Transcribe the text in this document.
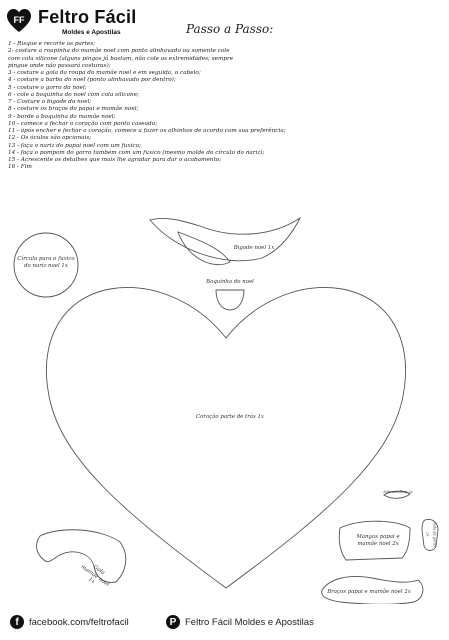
FF Feltro Fácil
Moldes e Apostilas	Passo a Passo:
1 - Risque e recorte as partes;
2- costure a roupinha do mamãe noel com ponto alinhavado ou somente cole
com cola silicone (alguns pingos já bastam, não cole as extremidades; sempre
pingue onde não passará costuras);
3 - costure a gola da roupa do mamãe noel e em seguida, o cabelo;
4 - costure a barba do noel (ponto alinhavado por dentro);
5 - costure o gorro do noel;
6 - cole a boquinha do noel com cola silicone;
7 - Costure o bigode do noel;
8 - costure os braços do papai e mamãe noel;
9 - borde a boquinha do mamãe noel;
10 - comece a fechar o coração com ponto caseado;
11 - após encher e fechar o coração, comece a fazer os olhinhos de acordo com sua preferência;
12 - Os óculos são opcionais;
13 - faça o nariz do papai noel com um fuxico;
14 - faça o pompom do gorro também com um fuxico (mesmo molde do círculo do nariz);
15 - Acrescente os detalhes que mais lhe agradar para dar o acabamento;
16 - Fim
Círculo para o fuxico do nariz noel 1x
Bigode noel 1x
Boquinha do noel
Coração parte de trás 1x
Sobrancelhas 2x
Sola da gorro 2x
Mangas papai e mamãe noel 2x
Gola mamãe noel 1x
Braços papai e mamãe noel 2x
f	facebook.com/feltrofacil	P Feltro Fácil Moldes e Apostilas
